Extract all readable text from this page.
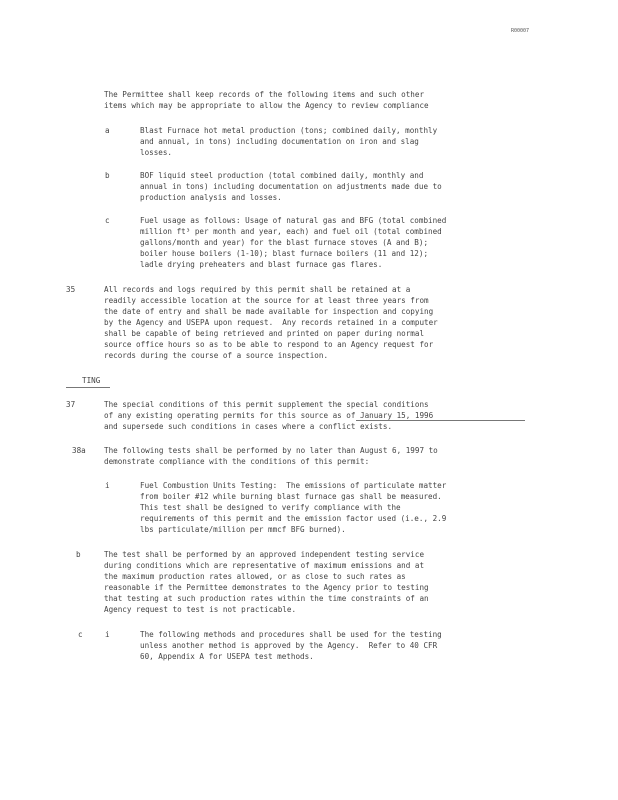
R00007
The Permittee shall keep records of the following items and such other
items which may be appropriate to allow the Agency to review compliance
a	Blast Furnace hot metal production (tons; combined daily, monthly
and annual, in tons) including documentation on iron and slag
losses.
b	BOF liquid steel production (total combined daily, monthly and
annual in tons) including documentation on adjustments made due to
production analysis and losses.
c	Fuel usage as follows: Usage of natural gas and BFG (total combined
million ft³ per month and year, each) and fuel oil (total combined
gallons/month and year) for the blast furnace stoves (A and B);
boiler house boilers (1-10); blast furnace boilers (11 and 12);
ladle drying preheaters and blast furnace gas flares.
35	All records and logs required by this permit shall be retained at a
readily accessible location at the source for at least three years from
the date of entry and shall be made available for inspection and copying
by the Agency and USEPA upon request.  Any records retained in a computer
shall be capable of being retrieved and printed on paper during normal
source office hours so as to be able to respond to an Agency request for
records during the course of a source inspection.
TING
37	The special conditions of this permit supplement the special conditions
of any existing operating permits for this source as of January 15, 1996
and supersede such conditions in cases where a conflict exists.
38a The following tests shall be performed by no later than August 6, 1997 to
demonstrate compliance with the conditions of this permit:
i	Fuel Combustion Units Testing:  The emissions of particulate matter
from boiler #12 while burning blast furnace gas shall be measured.
This test shall be designed to verify compliance with the
requirements of this permit and the emission factor used (i.e., 2.9
lbs particulate/million per mmcf BFG burned).
b	The test shall be performed by an approved independent testing service
during conditions which are representative of maximum emissions and at
the maximum production rates allowed, or as close to such rates as
reasonable if the Permittee demonstrates to the Agency prior to testing
that testing at such production rates within the time constraints of an
Agency request to test is not practicable.
c	i	The following methods and procedures shall be used for the testing
unless another method is approved by the Agency.  Refer to 40 CFR
60, Appendix A for USEPA test methods.
